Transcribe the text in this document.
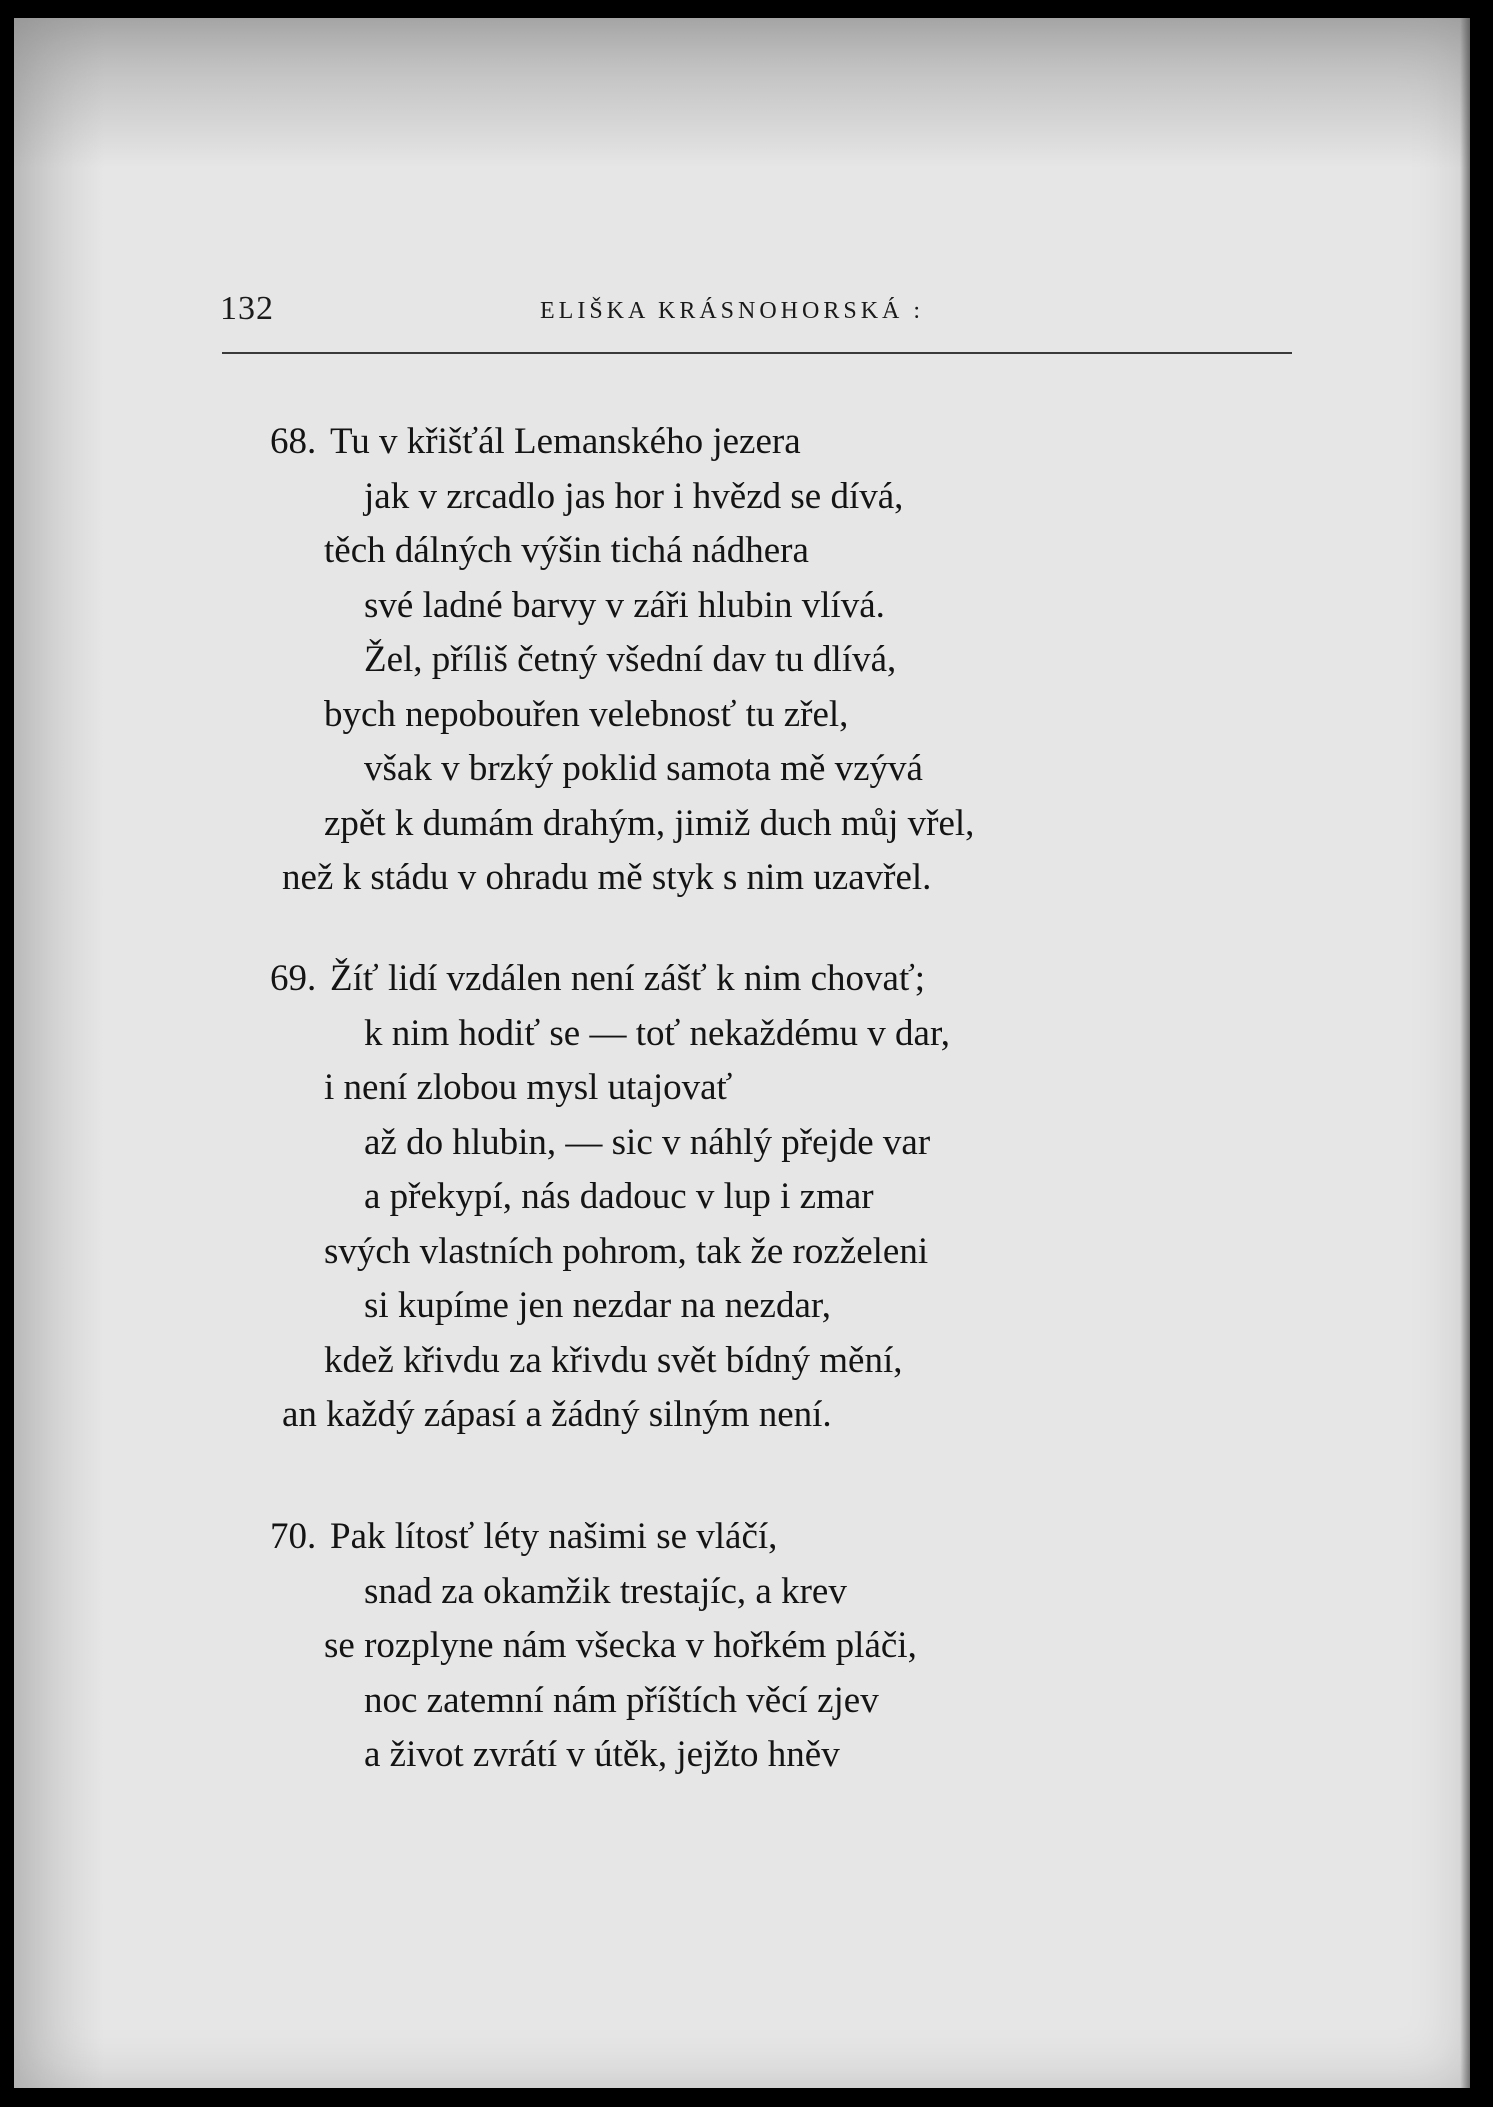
132	ELIŠKA KRÁSNOHORSKÁ :
68. Tu v křišťál Lemanského jezera
jak v zrcadlo jas hor i hvězd se dívá,
těch dálných výšin tichá nádhera
své ladné barvy v záři hlubin vlívá.
Žel, příliš četný všední dav tu dlívá,
bych nepobouřen velebnosť tu zřel,
však v brzký poklid samota mě vzývá
zpět k dumám drahým, jimiž duch můj vřel,
než k stádu v ohradu mě styk s nim uzavřel.
69. Žíť lidí vzdálen není zášť k nim chovať;
k nim hodiť se — toť nekaždému v dar,
i není zlobou mysl utajovať
až do hlubin, — sic v náhlý přejde var
a překypí, nás dadouc v lup i zmar
svých vlastních pohrom, tak že rozželeni
si kupíme jen nezdar na nezdar,
kdež křivdu za křivdu svět bídný mění,
an každý zápasí a žádný silným není.
70. Pak lítosť léty našimi se vláčí,
snad za okamžik trestajíc, a krev
se rozplyne nám všecka v hořkém pláči,
noc zatemní nám příštích věcí zjev
a život zvrátí v útěk, jejžto hněv
